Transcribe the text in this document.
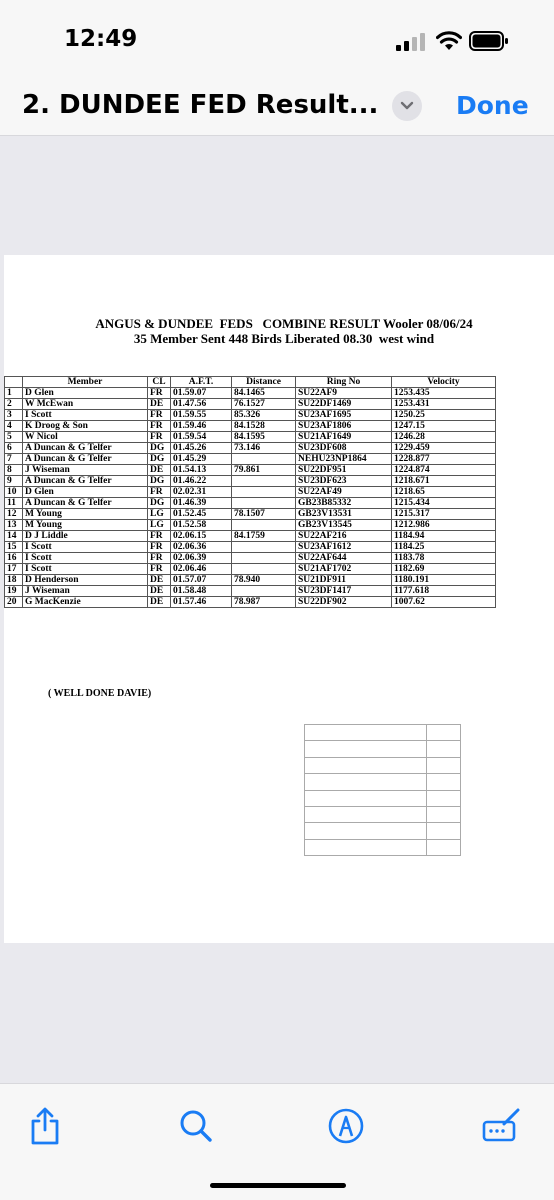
12:49
2. DUNDEE FED Result...	Done
ANGUS & DUNDEE  FEDS   COMBINE RESULT Wooler 08/06/24
35 Member Sent 448 Birds Liberated 08.30  west wind
	Member	CL	A.F.T.	Distance	Ring No	Velocity
1	D Glen	FR	01.59.07	84.1465	SU22AF9	1253.435
2	W McEwan	DE	01.47.56	76.1527	SU22DF1469	1253.431
3	I Scott	FR	01.59.55	85.326	SU23AF1695	1250.25
4	K Droog & Son	FR	01.59.46	84.1528	SU23AF1806	1247.15
5	W Nicol	FR	01.59.54	84.1595	SU21AF1649	1246.28
6	A Duncan & G Telfer	DG	01.45.26	73.146	SU23DF608	1229.459
7	A Duncan & G Telfer	DG	01.45.29		NEHU23NP1864	1228.877
8	J Wiseman	DE	01.54.13	79.861	SU22DF951	1224.874
9	A Duncan & G Telfer	DG	01.46.22		SU23DF623	1218.671
10	D Glen	FR	02.02.31		SU22AF49	1218.65
11	A Duncan & G Telfer	DG	01.46.39		GB23B85332	1215.434
12	M Young	LG	01.52.45	78.1507	GB23V13531	1215.317
13	M Young	LG	01.52.58		GB23V13545	1212.986
14	D J Liddle	FR	02.06.15	84.1759	SU22AF216	1184.94
15	I Scott	FR	02.06.36		SU23AF1612	1184.25
16	I Scott	FR	02.06.39		SU22AF644	1183.78
17	I Scott	FR	02.06.46		SU21AF1702	1182.69
18	D Henderson	DE	01.57.07	78.940	SU21DF911	1180.191
19	J Wiseman	DE	01.58.48		SU23DF1417	1177.618
20	G MacKenzie	DE	01.57.46	78.987	SU22DF902	1007.62
( WELL DONE DAVIE)
